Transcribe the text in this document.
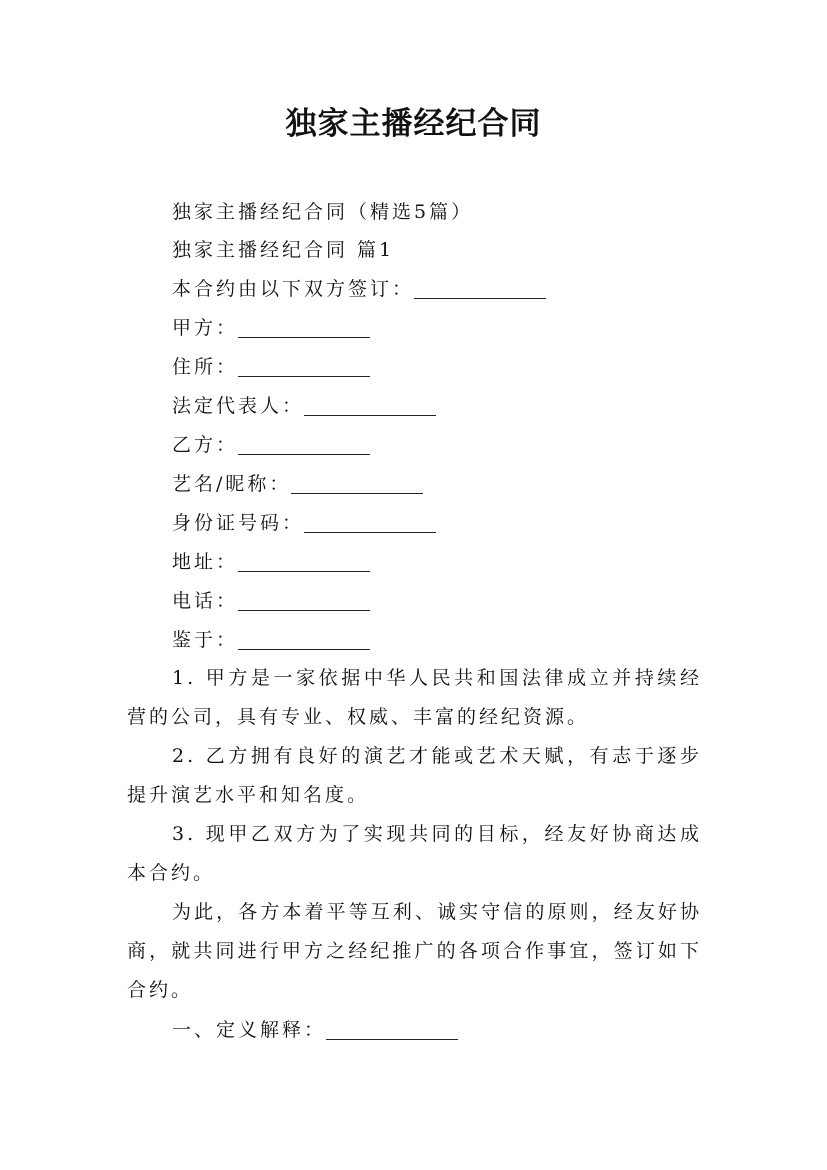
独家主播经纪合同
独家主播经纪合同（精选5篇）
独家主播经纪合同 篇1
本合约由以下双方签订：
甲方：
住所：
法定代表人：
乙方：
艺名/昵称：
身份证号码：
地址：
电话：
鉴于：

1. 甲方是一家依据中华人民共和国法律成立并持续经营的公司，具有专业、权威、丰富的经纪资源。

2. 乙方拥有良好的演艺才能或艺术天赋，有志于逐步提升演艺水平和知名度。

3. 现甲乙双方为了实现共同的目标，经友好协商达成本合约。

为此，各方本着平等互利、诚实守信的原则，经友好协商，就共同进行甲方之经纪推广的各项合作事宜，签订如下合约。

一、定义解释：
